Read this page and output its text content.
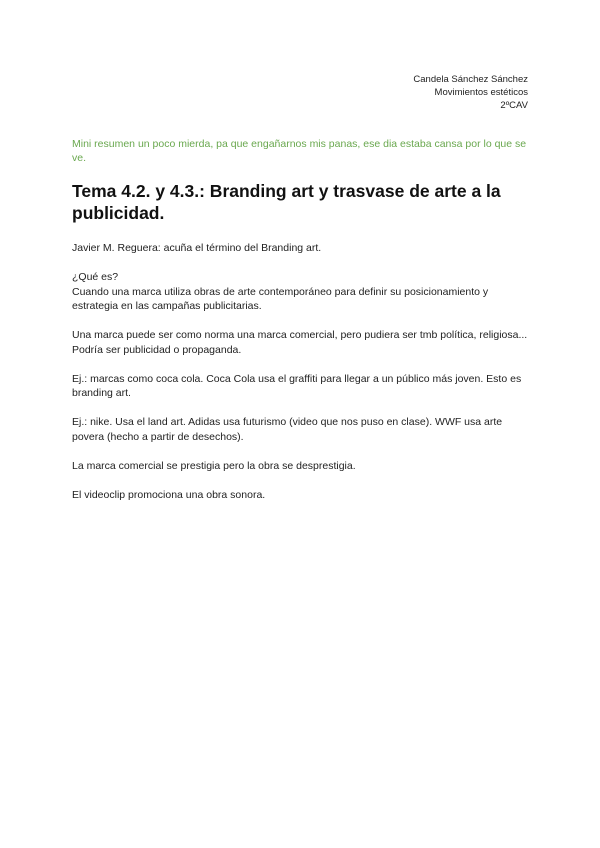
Candela Sánchez Sánchez
Movimientos estéticos
2ºCAV
Mini resumen un poco mierda, pa que engañarnos mis panas, ese dia estaba cansa por lo que se ve.
Tema 4.2. y 4.3.: Branding art y trasvase de arte a la publicidad.

Javier M. Reguera: acuña el término del Branding art.

¿Qué es?
Cuando una marca utiliza obras de arte contemporáneo para definir su posicionamiento y estrategia en las campañas publicitarias.

Una marca puede ser como norma una marca comercial, pero pudiera ser tmb política, religiosa... Podría ser publicidad o propaganda.

Ej.: marcas como coca cola. Coca Cola usa el graffiti para llegar a un público más joven. Esto es branding art.

Ej.: nike. Usa el land art. Adidas usa futurismo (video que nos puso en clase). WWF usa arte povera (hecho a partir de desechos).

La marca comercial se prestigia pero la obra se desprestigia.

El videoclip promociona una obra sonora.
